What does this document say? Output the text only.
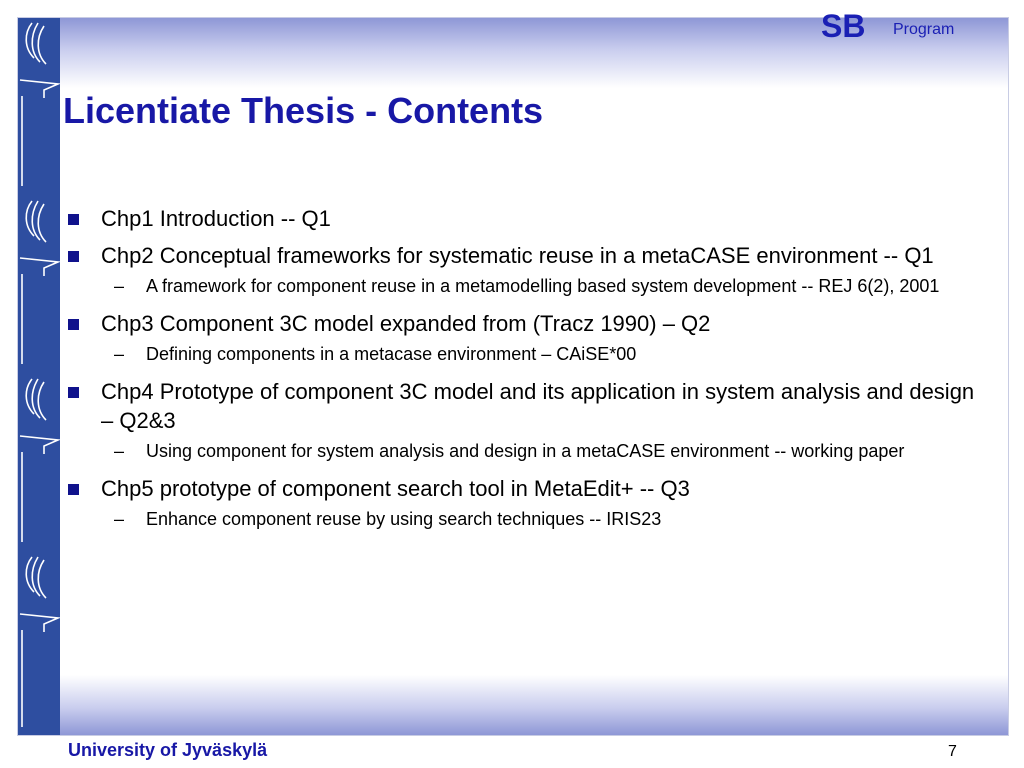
SB Program
Licentiate Thesis - Contents
Chp1 Introduction -- Q1
Chp2 Conceptual frameworks for systematic reuse in a metaCASE environment -- Q1
– A framework for component reuse in a metamodelling based system development -- REJ 6(2), 2001
Chp3 Component 3C model expanded from (Tracz 1990) – Q2
– Defining components in a metacase environment – CAiSE*00
Chp4 Prototype of component 3C model and its application in system analysis and design – Q2&3
– Using component for system analysis and design in a metaCASE environment -- working paper
Chp5 prototype of component search tool in MetaEdit+ -- Q3
– Enhance component reuse by using search techniques -- IRIS23
University of Jyväskylä	7
